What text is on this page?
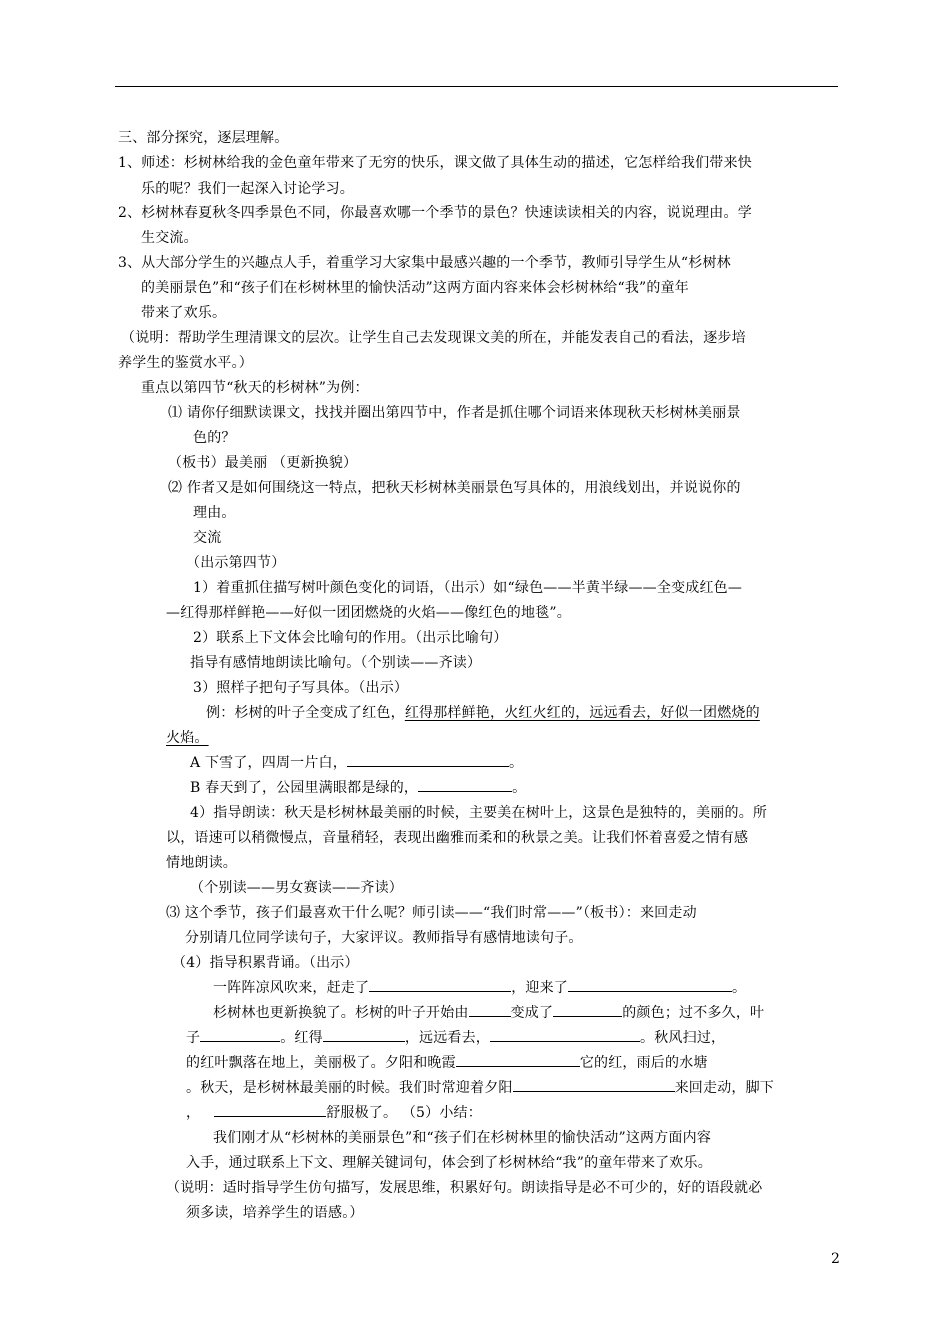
三、部分探究，逐层理解。
1、师述：杉树林给我的金色童年带来了无穷的快乐，课文做了具体生动的描述，它怎样给我们带来快
乐的呢？我们一起深入讨论学习。
2、杉树林春夏秋冬四季景色不同，你最喜欢哪一个季节的景色？快速读读相关的内容，说说理由。学
生交流。
3、从大部分学生的兴趣点人手，着重学习大家集中最感兴趣的一个季节，教师引导学生从“杉树林
的美丽景色”和“孩子们在杉树林里的愉快活动”这两方面内容来体会杉树林给“我”的童年
带来了欢乐。
（说明：帮助学生理清课文的层次。让学生自己去发现课文美的所在，并能发表自己的看法，逐步培
养学生的鉴赏水平。）
重点以第四节“秋天的杉树林”为例：
⑴ 请你仔细默读课文，找找并圈出第四节中，作者是抓住哪个词语来体现秋天杉树林美丽景
色的？
（板书）最美丽 （更新换貌）
⑵ 作者又是如何围绕这一特点，把秋天杉树林美丽景色写具体的，用浪线划出，并说说你的
理由。
交流
（出示第四节）
1）着重抓住描写树叶颜色变化的词语，（出示）如“绿色——半黄半绿——全变成红色—
—红得那样鲜艳——好似一团团燃烧的火焰——像红色的地毯”。
2）联系上下文体会比喻句的作用。（出示比喻句）
指导有感情地朗读比喻句。（个别读——齐读）
3）照样子把句子写具体。（出示）
例：杉树的叶子全变成了红色，红得那样鲜艳，火红火红的，远远看去，好似一团燃烧的
火焰。
A 下雪了，四周一片白，	。
B 春天到了，公园里满眼都是绿的，	。
4）指导朗读：秋天是杉树林最美丽的时候，主要美在树叶上，这景色是独特的，美丽的。所
以，语速可以稍微慢点，音量稍轻，表现出幽雅而柔和的秋景之美。让我们怀着喜爱之情有感
情地朗读。
（个别读——男女赛读——齐读）
⑶ 这个季节，孩子们最喜欢干什么呢？师引读——“我们时常——”（板书）：来回走动
分别请几位同学读句子，大家评议。教师指导有感情地读句子。
（4）指导积累背诵。（出示）
一阵阵凉风吹来，赶走了	，迎来了	。
杉树林也更新换貌了。杉树的叶子开始由	变成了	的颜色；过不多久，叶
子	。红得	，远远看去，	。秋风扫过，
的红叶飘落在地上，美丽极了。夕阳和晚霞	它的红，雨后的水塘
。秋天，是杉树林最美丽的时候。我们时常迎着夕阳	来回走动，脚下
，	舒服极了。 （5）小结：
我们刚才从“杉树林的美丽景色”和“孩子们在杉树林里的愉快活动”这两方面内容
入手，通过联系上下文、理解关键词句，体会到了杉树林给“我”的童年带来了欢乐。
（说明：适时指导学生仿句描写，发展思维，积累好句。朗读指导是必不可少的，好的语段就必
须多读，培养学生的语感。）
2
